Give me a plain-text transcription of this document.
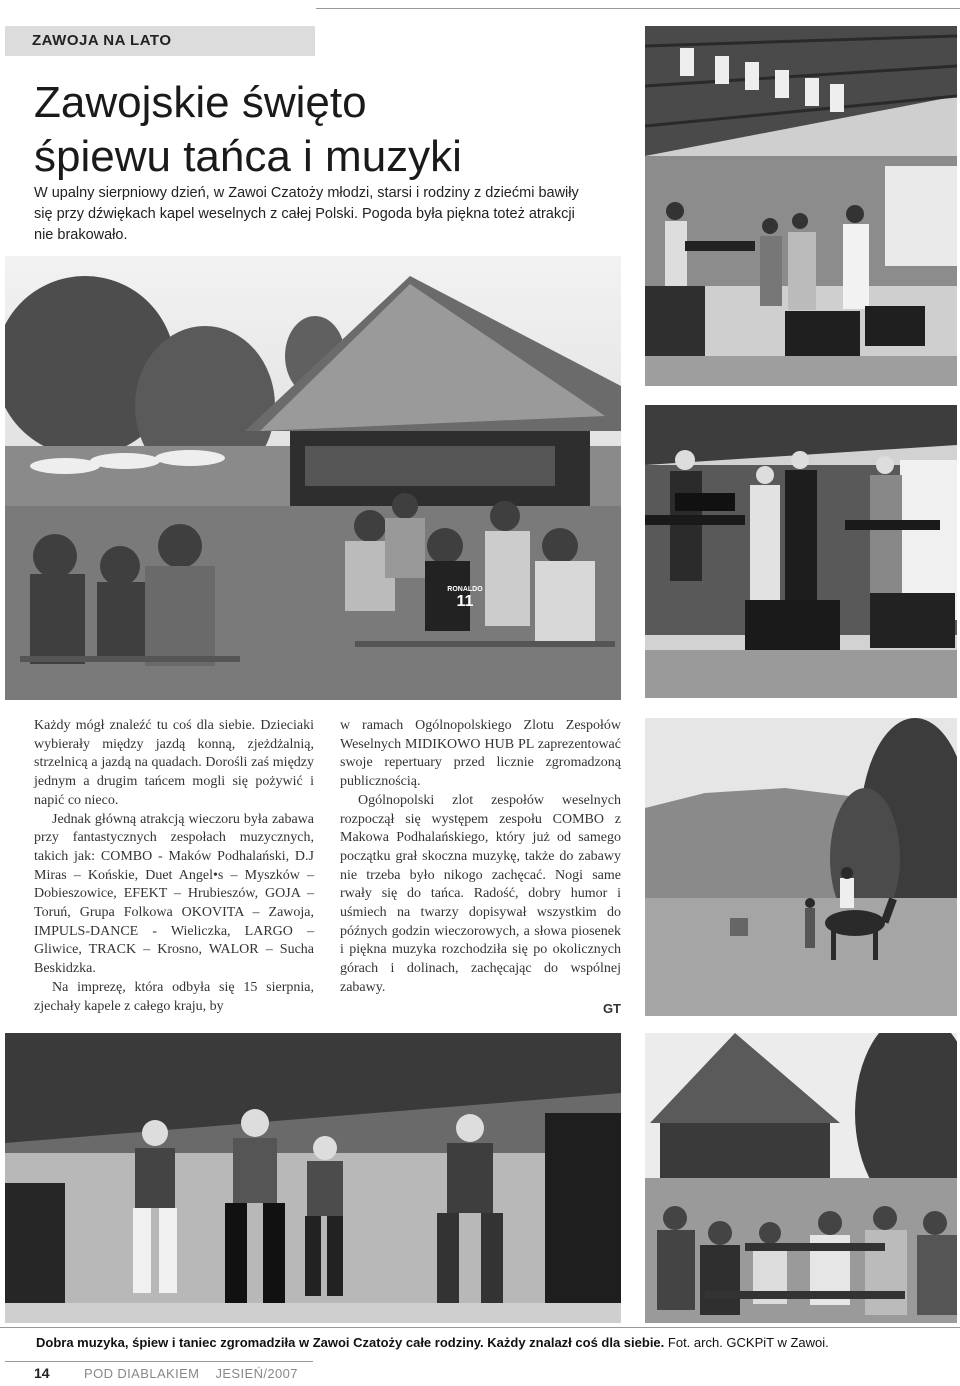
ZAWOJA NA LATO
Zawojskie święto
śpiewu tańca i muzyki
W upalny sierpniowy dzień, w Zawoi Czatoży młodzi, starsi i rodziny z dziećmi bawiły się przy dźwiękach kapel weselnych z całej Polski. Pogoda była piękna toteż atrakcji nie brakowało.
RONALDO
11

Każdy mógł znaleźć tu coś dla siebie. Dzieciaki wybierały między jazdą konną, zjeżdżalnią, strzelnicą a jazdą na quadach. Dorośli zaś między jednym a drugim tańcem mogli się pożywić i napić co nieco.

Jednak główną atrakcją wieczoru była zabawa przy fantastycznych zespołach muzycznych, takich jak: COMBO - Maków Podhalański, D.J Miras – Końskie, Duet Angel•s – Myszków – Dobieszowice, EFEKT – Hrubieszów, GOJA – Toruń, Grupa Folkowa OKOVITA – Zawoja, IMPULS-DANCE - Wieliczka, LARGO – Gliwice, TRACK – Krosno, WALOR – Sucha Beskidzka.

Na imprezę, która odbyła się 15 sierpnia, zjechały kapele z całego kraju, by

w ramach Ogólnopolskiego Zlotu Zespołów Weselnych MIDIKOWO HUB PL zaprezentować swoje repertuary przed licznie zgromadzoną publicznością.

Ogólnopolski zlot zespołów weselnych rozpoczął się występem zespołu COMBO z Makowa Podhalańskiego, który już od samego początku grał skoczna muzykę, także do zabawy nie trzeba było nikogo zachęcać. Nogi same rwały się do tańca. Radość, dobry humor i uśmiech na twarzy dopisywał wszystkim do późnych godzin wieczorowych, a słowa piosenek i piękna muzyka rozchodziła się po okolicznych górach i dolinach, zachęcając do wspólnej zabawy.

GT
Dobra muzyka, śpiew i taniec zgromadziła w Zawoi Czatoży całe rodziny. Każdy znalazł coś dla siebie. Fot. arch. GCKPiT w Zawoi.
14	POD DIABLAKIEM JESIEŃ/2007
